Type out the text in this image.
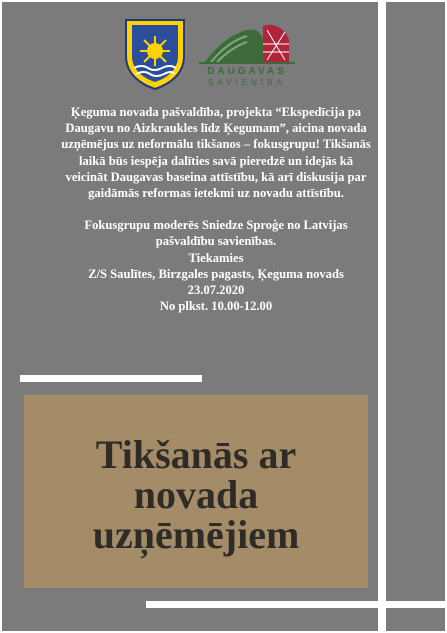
DAUGAVAS
SAVIENĪBA

Ķeguma novada pašvaldība, projekta “Ekspedīcija pa Daugavu no Aizkraukles līdz Ķegumam”, aicina novada uzņēmējus uz neformālu tikšanos – fokusgrupu! Tikšanās laikā būs iespēja dalīties savā pieredzē un idejās kā veicināt Daugavas baseina attīstību, kā arī diskusija par gaidāmās reformas ietekmi uz novadu attīstību.

Fokusgrupu moderēs Sniedze Sproģe no Latvijas pašvaldību savienības.

Tiekamies

Z/S Saulītes, Birzgales pagasts, Ķeguma novads

23.07.2020

No plkst. 10.00-12.00

Tikšanās ar
novada
uzņēmējiem
